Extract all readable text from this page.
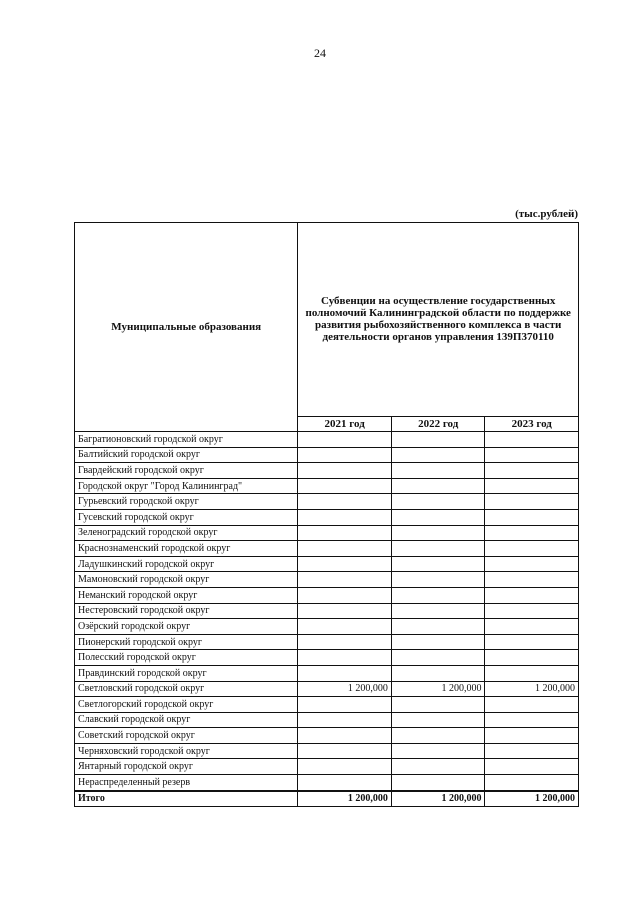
24
(тыс.рублей)
Муниципальные образования	Субвенции на осуществление государственных полномочий Калининградской области по поддержке развития рыбохозяйственного комплекса в части деятельности органов управления 139П370110		
	2021 год	2022 год	2023 год
Багратионовский городской округ			
Балтийский городской округ			
Гвардейский городской округ			
Городской округ "Город Калининград"			
Гурьевский городской округ			
Гусевский городской округ			
Зеленоградский городской округ			
Краснознаменский городской округ			
Ладушкинский городской округ			
Мамоновский городской округ			
Неманский городской округ			
Нестеровский городской округ			
Озёрский городской округ			
Пионерский городской округ			
Полесский городской округ			
Правдинский городской округ			
Светловский городской округ	1 200,000	1 200,000	1 200,000
Светлогорский городской округ			
Славский городской округ			
Советский городской округ			
Черняховский городской округ			
Янтарный городской округ			
Нераспределенный резерв			
Итого	1 200,000	1 200,000	1 200,000
